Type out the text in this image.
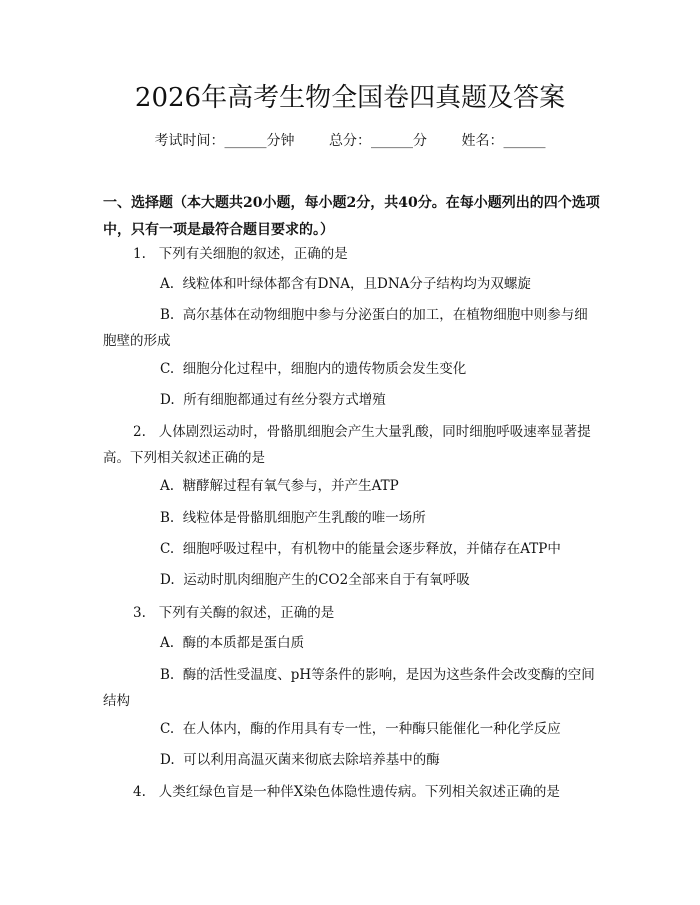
2026年高考生物全国卷四真题及答案
考试时间：______分钟 总分：______分 姓名：______
一、选择题（本大题共20小题，每小题2分，共40分。在每小题列出的四个选项中，只有一项是最符合题目要求的。）
1.   下列有关细胞的叙述，正确的是
A.  线粒体和叶绿体都含有DNA，且DNA分子结构均为双螺旋
B.  高尔基体在动物细胞中参与分泌蛋白的加工，在植物细胞中则参与细胞壁的形成
C.  细胞分化过程中，细胞内的遗传物质会发生变化
D.  所有细胞都通过有丝分裂方式增殖
2.   人体剧烈运动时，骨骼肌细胞会产生大量乳酸，同时细胞呼吸速率显著提高。下列相关叙述正确的是
A.  糖酵解过程有氧气参与，并产生ATP
B.  线粒体是骨骼肌细胞产生乳酸的唯一场所
C.  细胞呼吸过程中，有机物中的能量会逐步释放，并储存在ATP中
D.  运动时肌肉细胞产生的CO2全部来自于有氧呼吸
3.   下列有关酶的叙述，正确的是
A.  酶的本质都是蛋白质
B.  酶的活性受温度、pH等条件的影响，是因为这些条件会改变酶的空间结构
C.  在人体内，酶的作用具有专一性，一种酶只能催化一种化学反应
D.  可以利用高温灭菌来彻底去除培养基中的酶
4.   人类红绿色盲是一种伴X染色体隐性遗传病。下列相关叙述正确的是
